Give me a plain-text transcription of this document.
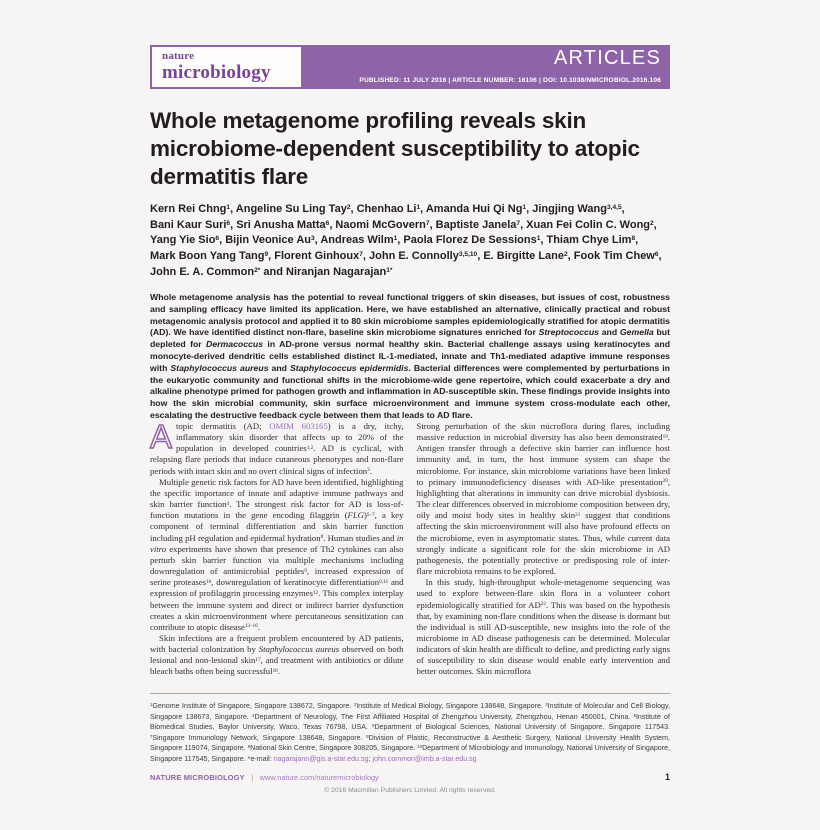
nature
microbiology
ARTICLES
PUBLISHED: 11 JULY 2016 | ARTICLE NUMBER: 16106 | DOI: 10.1038/NMICROBIOL.2016.106
Whole metagenome profiling reveals skin
microbiome-dependent susceptibility to atopic
dermatitis flare
Kern Rei Chng$^1$, Angeline Su Ling Tay$^2$, Chenhao Li$^1$, Amanda Hui Qi Ng$^1$, Jingjing Wang$^{3,4,5}$,
Bani Kaur Suri$^6$, Sri Anusha Matta$^6$, Naomi McGovern$^7$, Baptiste Janela$^7$, Xuan Fei Colin C. Wong$^2$,
Yang Yie Sio$^6$, Bijin Veonice Au$^3$, Andreas Wilm$^1$, Paola Florez De Sessions$^1$, Thiam Chye Lim$^8$,
Mark Boon Yang Tang$^9$, Florent Ginhoux$^7$, John E. Connolly$^{3,5,10}$, E. Birgitte Lane$^2$, Fook Tim Chew$^6$,
John E. A. Common$^{2*}$ and Niranjan Nagarajan$^{1*}$
Whole metagenome analysis has the potential to reveal functional triggers of skin diseases, but issues of cost, robustness and sampling efficacy have limited its application. Here, we have established an alternative, clinically practical and robust metagenomic analysis protocol and applied it to 80 skin microbiome samples epidemiologically stratified for atopic dermatitis (AD). We have identified distinct non-flare, baseline skin microbiome signatures enriched for Streptococcus and Gemella but depleted for Dermacoccus in AD-prone versus normal healthy skin. Bacterial challenge assays using keratinocytes and monocyte-derived dendritic cells established distinct IL-1-mediated, innate and Th1-mediated adaptive immune responses with Staphylococcus aureus and Staphylococcus epidermidis. Bacterial differences were complemented by perturbations in the eukaryotic community and functional shifts in the microbiome-wide gene repertoire, which could exacerbate a dry and alkaline phenotype primed for pathogen growth and inflammation in AD-susceptible skin. These findings provide insights into how the skin microbial community, skin surface microenvironment and immune system cross-modulate each other, escalating the destructive feedback cycle between them that leads to AD flare.

Atopic dermatitis (AD; OMIM 603165) is a dry, itchy, inflammatory skin disorder that affects up to 20% of the population in developed countries$^{1,2}$. AD is cyclical, with relapsing flare periods that induce cutaneous phenotypes and non-flare periods with intact skin and no overt clinical signs of infection$^3$.

Multiple genetic risk factors for AD have been identified, highlighting the specific importance of innate and adaptive immune pathways and skin barrier function$^4$. The strongest risk factor for AD is loss-of-function mutations in the gene encoding filaggrin (FLG)$^{5-7}$, a key component of terminal differentiation and skin barrier function including pH regulation and epidermal hydration$^8$. Human studies and in vitro experiments have shown that presence of Th2 cytokines can also perturb skin barrier function via multiple mechanisms including downregulation of antimicrobial peptides$^9$, increased expression of serine proteases$^{10}$, downregulation of keratinocyte differentiation$^{9,11}$ and expression of profilaggrin processing enzymes$^{12}$. This complex interplay between the immune system and direct or indirect barrier dysfunction creates a skin microenvironment where percutaneous sensitization can contribute to atopic disease$^{13-16}$.

Skin infections are a frequent problem encountered by AD patients, with bacterial colonization by Staphylococcus aureus observed on both lesional and non-lesional skin$^{17}$, and treatment with antibiotics or dilute bleach baths often being successful$^{18}$.

Strong perturbation of the skin microflora during flares, including massive reduction in microbial diversity has also been demonstrated$^{19}$. Antigen transfer through a defective skin barrier can influence host immunity and, in turn, the host immune system can shape the microbiome. For instance, skin microbiome variations have been linked to primary immunodeficiency diseases with AD-like presentation$^{20}$, highlighting that alterations in immunity can drive microbial dysbiosis. The clear differences observed in microbiome composition between dry, oily and moist body sites in healthy skin$^{21}$ suggest that conditions affecting the skin microenvironment will also have profound effects on the microbiome, even in asymptomatic states. Thus, while current data strongly indicate a significant role for the skin microbiome in AD pathogenesis, the potentially protective or predisposing role of inter-flare microbiota remains to be explored.

In this study, high-throughput whole-metagenome sequencing was used to explore between-flare skin flora in a volunteer cohort epidemiologically stratified for AD$^{22}$. This was based on the hypothesis that, by examining non-flare conditions when the disease is dormant but the individual is still AD-susceptible, new insights into the role of the microbiome in AD disease pathogenesis can be determined. Molecular indicators of skin health are difficult to define, and predicting early signs of susceptibility to skin disease would enable early intervention and better outcomes. Skin microflora

$^1$Genome Institute of Singapore, Singapore 138672, Singapore. $^2$Institute of Medical Biology, Singapore 138648, Singapore. $^3$Institute of Molecular and Cell Biology, Singapore 138673, Singapore. $^4$Department of Neurology, The First Affiliated Hospital of Zhengzhou University, Zhengzhou, Henan 450001, China. $^5$Institute of Biomedical Studies, Baylor University, Waco, Texas 76798, USA. $^6$Department of Biological Sciences, National University of Singapore, Singapore 117543. $^7$Singapore Immunology Network, Singapore 138648, Singapore. $^8$Division of Plastic, Reconstructive & Aesthetic Surgery, National University Health System, Singapore 119074, Singapore. $^9$National Skin Centre, Singapore 308205, Singapore. $^{10}$Department of Microbiology and Immunology, National University of Singapore, Singapore 117545, Singapore. *e-mail: nagarajann@gis.a-star.edu.sg; john.common@imb.a-star.edu.sg
NATURE MICROBIOLOGY | www.nature.com/naturemicrobiology	1
© 2016 Macmillan Publishers Limited. All rights reserved.
